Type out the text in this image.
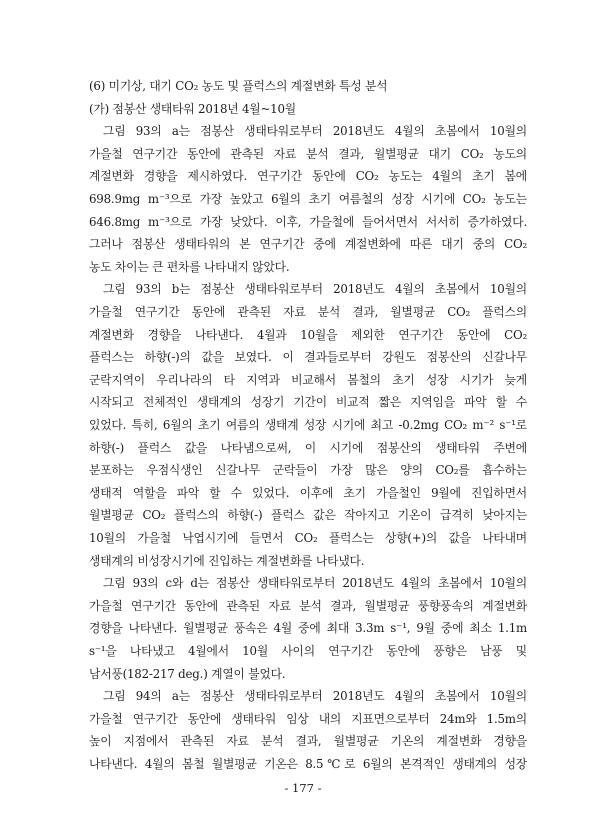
(6) 미기상, 대기 CO₂ 농도 및 플럭스의 계절변화 특성 분석
(가) 점봉산 생태타워 2018년 4월~10월
그림 93의 a는 점봉산 생태타워로부터 2018년도 4월의 초봄에서 10월의
가을철 연구기간 동안에 관측된 자료 분석 결과, 월별평균 대기 CO₂ 농도의
계절변화 경향을 제시하였다. 연구기간 동안에 CO₂ 농도는 4월의 초기 봄에
698.9mg m⁻³으로 가장 높았고 6월의 초기 여름철의 성장 시기에 CO₂ 농도는
646.8mg m⁻³으로 가장 낮았다. 이후, 가을철에 들어서면서 서서히 증가하였다.
그러나 점봉산 생태타워의 본 연구기간 중에 계절변화에 따른 대기 중의 CO₂
농도 차이는 큰 편차를 나타내지 않았다.
그림 93의 b는 점봉산 생태타워로부터 2018년도 4월의 초봄에서 10월의
가을철 연구기간 동안에 관측된 자료 분석 결과, 월별평균 CO₂ 플럭스의
계절변화 경향을 나타낸다. 4월과 10월을 제외한 연구기간 동안에 CO₂
플럭스는 하향(-)의 값을 보였다. 이 결과들로부터 강원도 점봉산의 신갈나무
군락지역이 우리나라의 타 지역과 비교해서 봄철의 초기 성장 시기가 늦게
시작되고 전체적인 생태계의 성장기 기간이 비교적 짧은 지역임을 파악 할 수
있었다. 특히, 6월의 초기 여름의 생태계 성장 시기에 최고 -0.2mg CO₂ m⁻² s⁻¹로
하향(-) 플럭스 값을 나타냄으로써, 이 시기에 점봉산의 생태타워 주변에
분포하는 우점식생인 신갈나무 군락들이 가장 많은 양의 CO₂를 흡수하는
생태적 역할을 파악 할 수 있었다. 이후에 초기 가을철인 9월에 진입하면서
월별평균 CO₂ 플럭스의 하향(-) 플럭스 값은 작아지고 기온이 급격히 낮아지는
10월의 가을철 낙엽시기에 들면서 CO₂ 플럭스는 상향(+)의 값을 나타내며
생태계의 비성장시기에 진입하는 계절변화를 나타냈다.
그림 93의 c와 d는 점봉산 생태타워로부터 2018년도 4월의 초봄에서 10월의
가을철 연구기간 동안에 관측된 자료 분석 결과, 월별평균 풍향풍속의 계절변화
경향을 나타낸다. 월별평균 풍속은 4월 중에 최대 3.3m s⁻¹, 9월 중에 최소 1.1m
s⁻¹을 나타냈고 4월에서 10월 사이의 연구기간 동안에 풍향은 남풍 및
남서풍(182-217 deg.) 계열이 불었다.
그림 94의 a는 점봉산 생태타워로부터 2018년도 4월의 초봄에서 10월의
가을철 연구기간 동안에 생태타워 임상 내의 지표면으로부터 24m와 1.5m의
높이 지점에서 관측된 자료 분석 결과, 월별평균 기온의 계절변화 경향을
나타낸다. 4월의 봄철 월별평균 기온은 8.5℃로 6월의 본격적인 생태계의 성장
- 177 -
